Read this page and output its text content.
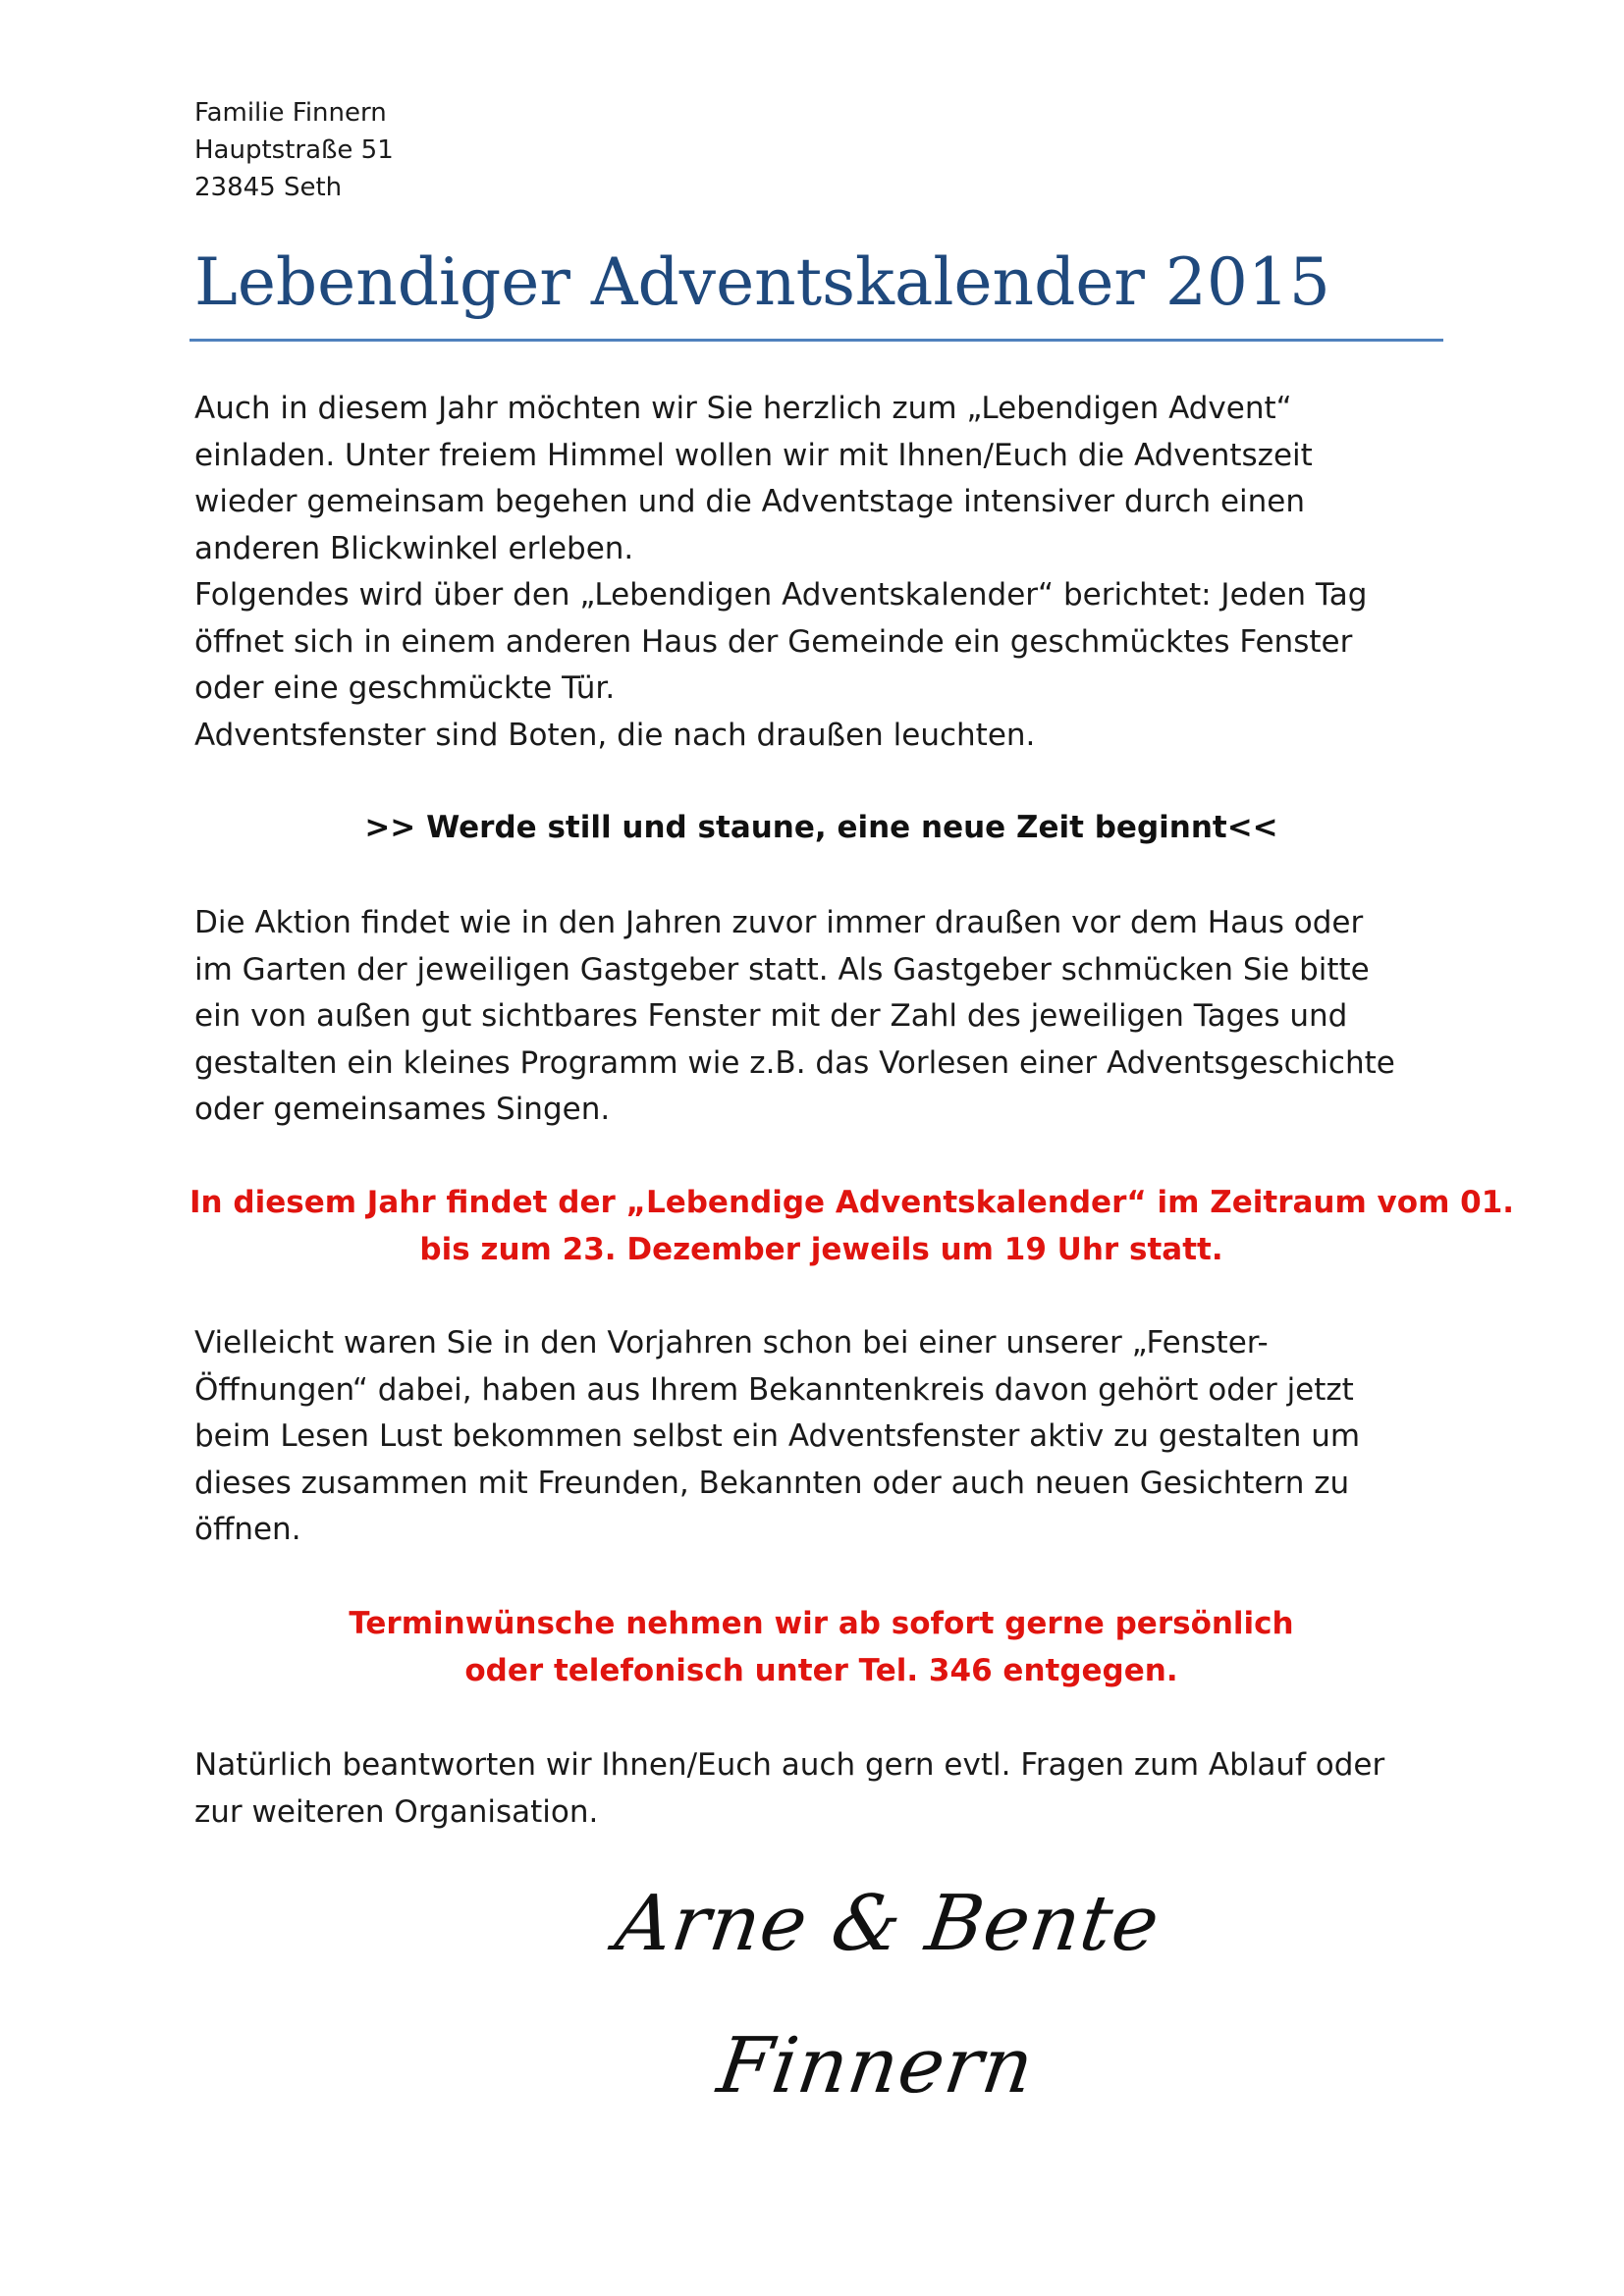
Familie Finnern
Hauptstraße 51
23845 Seth
Lebendiger Adventskalender 2015
Auch in diesem Jahr möchten wir Sie herzlich zum „Lebendigen Advent“
einladen. Unter freiem Himmel wollen wir mit Ihnen/Euch die Adventszeit
wieder gemeinsam begehen und die Adventstage intensiver durch einen
anderen Blickwinkel erleben.
Folgendes wird über den „Lebendigen Adventskalender“ berichtet: Jeden Tag
öffnet sich in einem anderen Haus der Gemeinde ein geschmücktes Fenster
oder eine geschmückte Tür.
Adventsfenster sind Boten, die nach draußen leuchten.
>> Werde still und staune, eine neue Zeit beginnt<<
Die Aktion findet wie in den Jahren zuvor immer draußen vor dem Haus oder
im Garten der jeweiligen Gastgeber statt. Als Gastgeber schmücken Sie bitte
ein von außen gut sichtbares Fenster mit der Zahl des jeweiligen Tages und
gestalten ein kleines Programm wie z.B. das Vorlesen einer Adventsgeschichte
oder gemeinsames Singen.
In diesem Jahr findet der „Lebendige Adventskalender“ im Zeitraum vom 01.
bis zum 23. Dezember jeweils um 19 Uhr statt.
Vielleicht waren Sie in den Vorjahren schon bei einer unserer „Fenster-
Öffnungen“ dabei, haben aus Ihrem Bekanntenkreis davon gehört oder jetzt
beim Lesen Lust bekommen selbst ein Adventsfenster aktiv zu gestalten um
dieses zusammen mit Freunden, Bekannten oder auch neuen Gesichtern zu
öffnen.
Terminwünsche nehmen wir ab sofort gerne persönlich
oder telefonisch unter Tel. 346 entgegen.
Natürlich beantworten wir Ihnen/Euch auch gern evtl. Fragen zum Ablauf oder
zur weiteren Organisation.
Arne & Bente
Finnern
